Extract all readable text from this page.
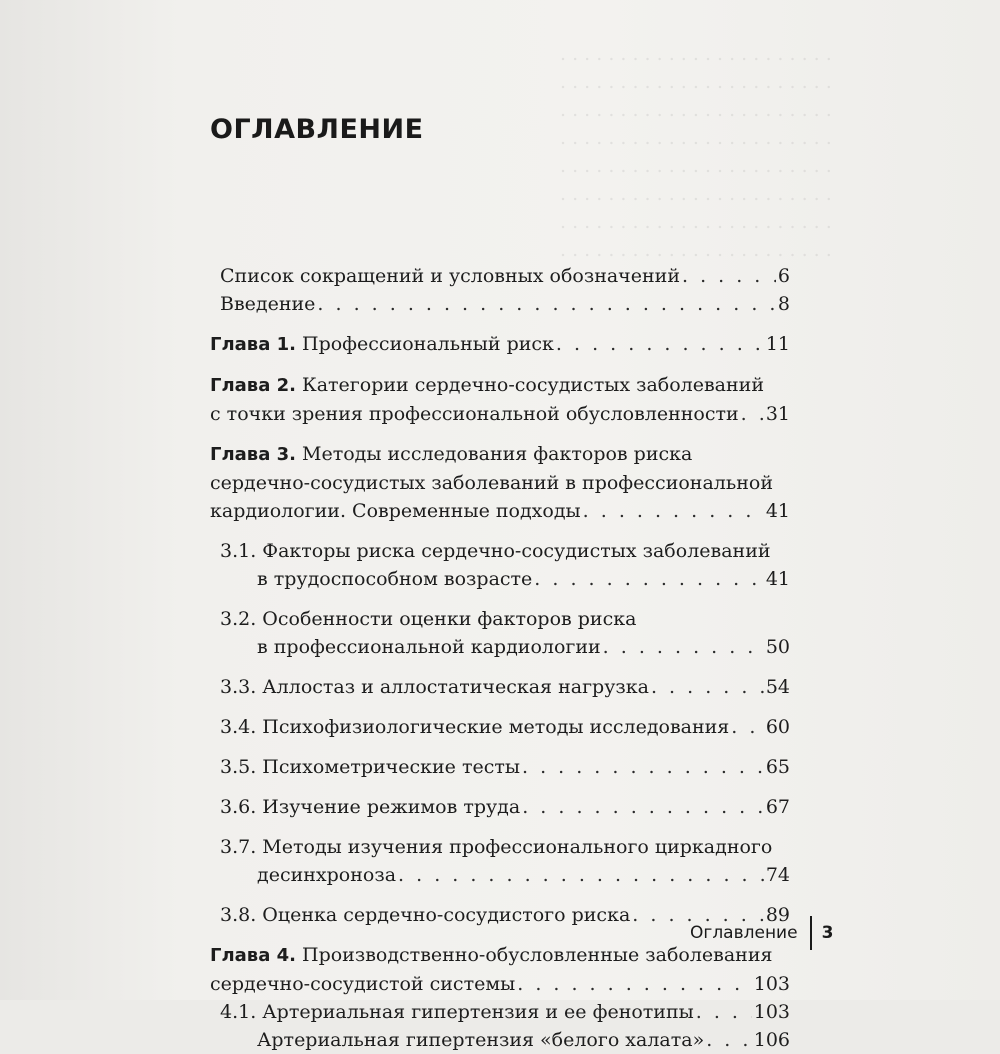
. . . . . . . . . . . . . . . . . . . . . . .
. . . . . . . . . . . . . . . . . . . . . . .
. . . . . . . . . . . . . . . . . . . . . . .
. . . . . . . . . . . . . . . . . . . . . . .
. . . . . . . . . . . . . . . . . . . . . . .
. . . . . . . . . . . . . . . . . . . . . . .
. . . . . . . . . . . . . . . . . . . . . . .
. . . . . . . . . . . . . . . . . . . . . . .
ОГЛАВЛЕНИЕ
Список сокращений и условных обозначений . . .	6
Введение . . .	8
Глава 1. Профессиональный риск . . .	11
Глава 2. Категории сердечно-сосудистых заболеваний
с точки зрения профессиональной обусловленности . . . 31
Глава 3. Методы исследования факторов риска
сердечно-сосудистых заболеваний в профессиональной
кардиологии. Современные подходы . . .	41
3.1. Факторы риска сердечно-сосудистых заболеваний
в трудоспособном возрасте . . .	41
3.2. Особенности оценки факторов риска
в профессиональной кардиологии . . .	50
3.3. Аллостаз и аллостатическая нагрузка . . .	54
3.4. Психофизиологические методы исследования . . . 60
3.5. Психометрические тесты . . .	65
3.6. Изучение режимов труда . . .	67
3.7. Методы изучения профессионального циркадного
десинхроноза . . .	74
3.8. Оценка сердечно-сосудистого риска . . .	89
Глава 4. Производственно-обусловленные заболевания
сердечно-сосудистой системы . . .	103
4.1. Артериальная гипертензия и ее фенотипы . . .	103
Артериальная гипертензия «белого халата» . . .	106
Оглавление 3
